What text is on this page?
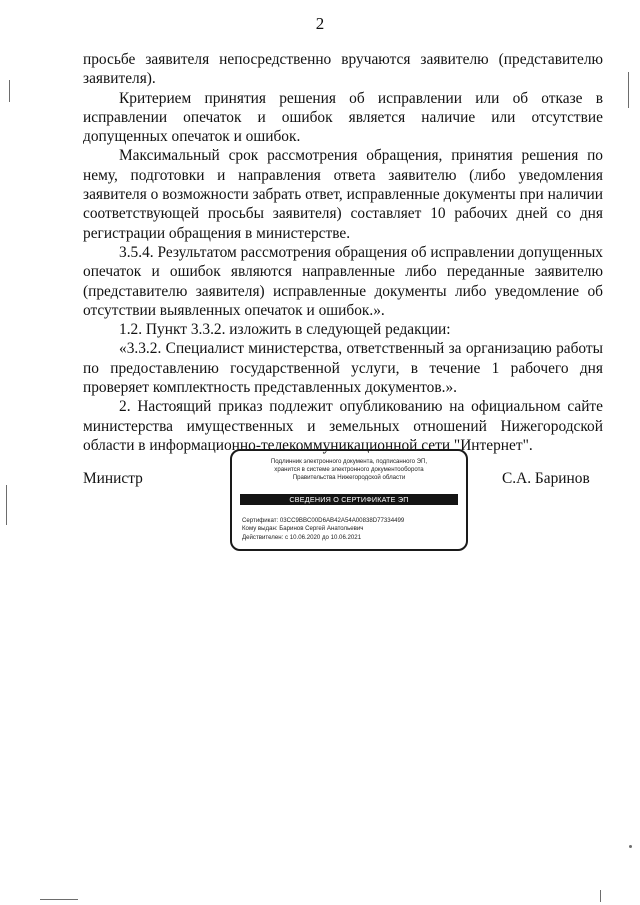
2

просьбе заявителя непосредственно вручаются заявителю (представителю заявителя).

Критерием принятия решения об исправлении или об отказе в исправлении опечаток и ошибок является наличие или отсутствие допущенных опечаток и ошибок.

Максимальный срок рассмотрения обращения, принятия решения по нему, подготовки и направления ответа заявителю (либо уведомления заявителя о возможности забрать ответ, исправленные документы при наличии соответствующей просьбы заявителя) составляет 10 рабочих дней со дня регистрации обращения в министерстве.

3.5.4. Результатом рассмотрения обращения об исправлении допущенных опечаток и ошибок являются направленные либо переданные заявителю (представителю заявителя) исправленные документы либо уведомление об отсутствии выявленных опечаток и ошибок.».

1.2. Пункт 3.3.2. изложить в следующей редакции:

«3.3.2. Специалист министерства, ответственный за организацию работы по предоставлению государственной услуги, в течение 1 рабочего дня проверяет комплектность представленных документов.».

2. Настоящий приказ подлежит опубликованию на официальном сайте министерства имущественных и земельных отношений Нижегородской области в информационно-телекоммуникационной сети "Интернет".

Министр	С.А. Баринов
Подлинник электронного документа, подписанного ЭП,
хранится в системе электронного документооборота
Правительства Нижегородской области
СВЕДЕНИЯ О СЕРТИФИКАТЕ ЭП
Сертификат: 03CC9BBC00D6AB42A54A00838D77334499
Кому выдан: Баринов Сергей Анатольевич
Действителен: с 10.06.2020 до 10.06.2021
